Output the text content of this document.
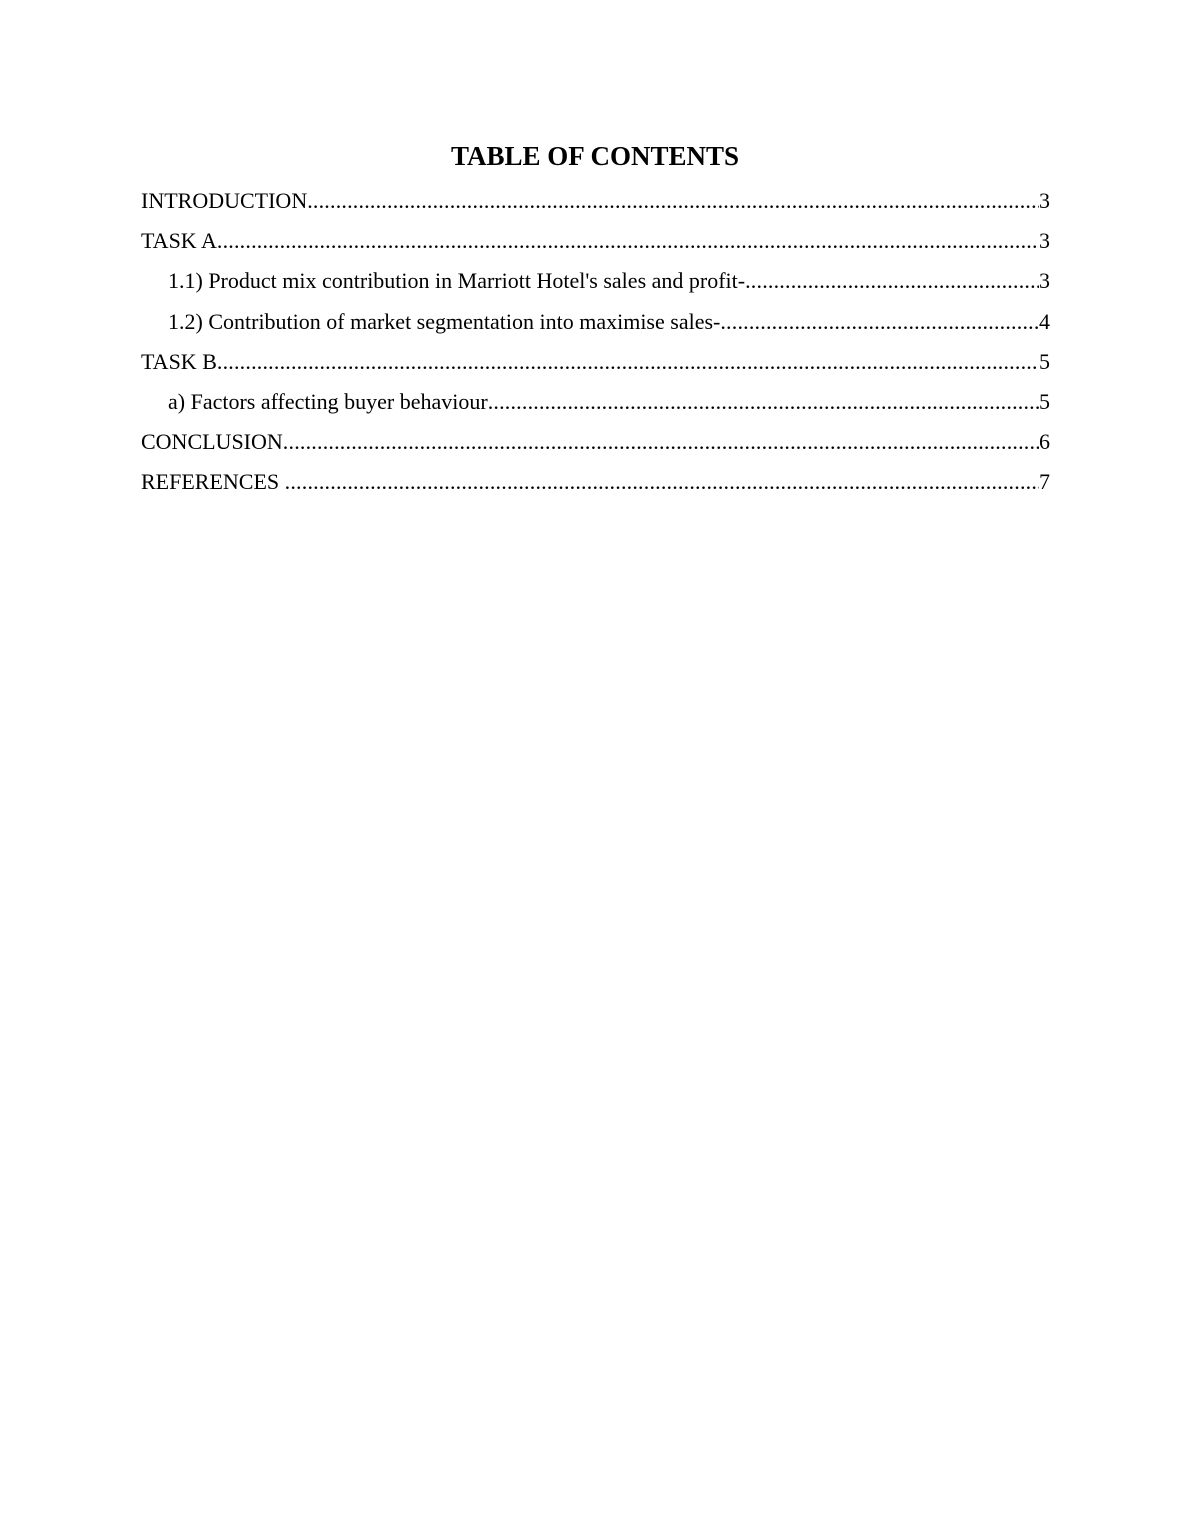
TABLE OF CONTENTS
INTRODUCTION .....	3
TASK A .....	3
1.1) Product mix contribution in Marriott Hotel's sales and profit- .....	3
1.2) Contribution of market segmentation into maximise sales- .....	4
TASK B .....	5
a) Factors affecting buyer behaviour .....	5
CONCLUSION .....	6
REFERENCES .....	7
